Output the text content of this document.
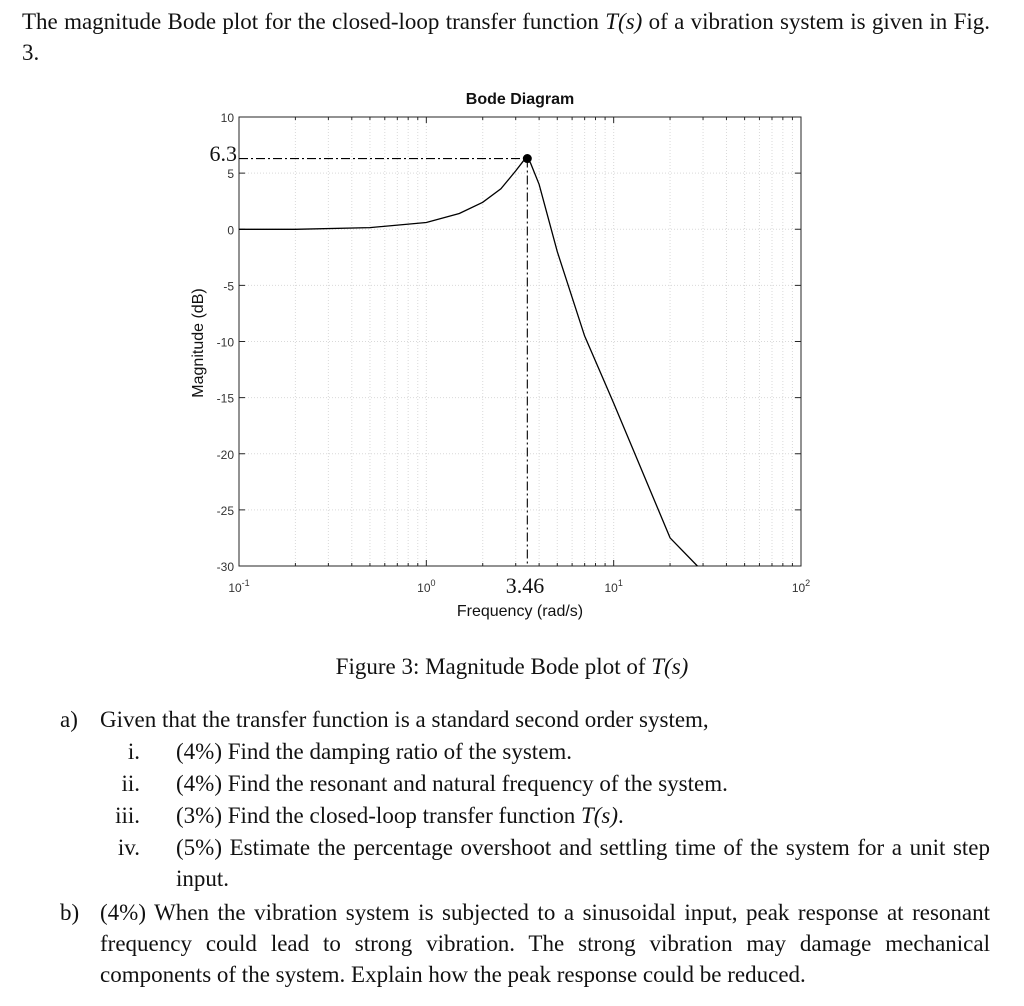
The magnitude Bode plot for the closed-loop transfer function T(s) of a vibration system is given in Fig. 3.
10
5
0
-5
-10
-15
-20
-25
-30
$10^{-1}$	$10^0$	$10^1$	$10^2$
Bode Diagram
Frequency (rad/s)
Magnitude (dB)
6.3
3.46
Figure 3: Magnitude Bode plot of T(s)
a) Given that the transfer function is a standard second order system,
i. (4%) Find the damping ratio of the system.
ii. (4%) Find the resonant and natural frequency of the system.
iii. (3%) Find the closed-loop transfer function T(s).
iv. (5%) Estimate the percentage overshoot and settling time of the system for a unit step input.
b) (4%) When the vibration system is subjected to a sinusoidal input, peak response at resonant frequency could lead to strong vibration. The strong vibration may damage mechanical components of the system. Explain how the peak response could be reduced.
